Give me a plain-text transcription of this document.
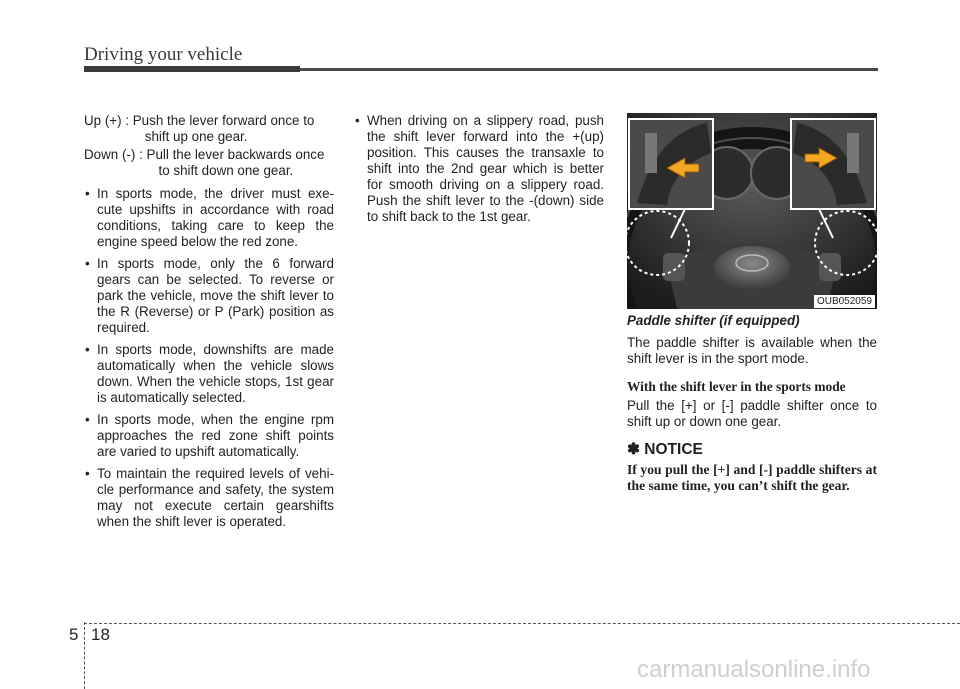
Driving your vehicle
Up (+) : Push the lever forward once to
shift up one gear.
Down (-) : Pull the lever backwards once
to shift down one gear.
• In sports mode, the driver must exe-cute upshifts in accordance with road conditions, taking care to keep the engine speed below the red zone.
• In sports mode, only the 6 forward gears can be selected. To reverse or park the vehicle, move the shift lever to the R (Reverse) or P (Park) position as required.
• In sports mode, downshifts are made automatically when the vehicle slows down. When the vehicle stops, 1st gear is automatically selected.
• In sports mode, when the engine rpm approaches the red zone shift points are varied to upshift automatically.
• To maintain the required levels of vehi-cle performance and safety, the system may not execute certain gearshifts when the shift lever is operated.
• When driving on a slippery road, push the shift lever forward into the +(up) position. This causes the transaxle to shift into the 2nd gear which is better for smooth driving on a slippery road. Push the shift lever to the -(down) side to shift back to the 1st gear.
OUB052059
Paddle shifter (if equipped)

The paddle shifter is available when the shift lever is in the sport mode.

With the shift lever in the sports mode

Pull the [+] or [-] paddle shifter once to shift up or down one gear.

✽ NOTICE
If you pull the [+] and [-] paddle shifters at the same time, you can’t shift the gear.
5 18
carmanualsonline.info
